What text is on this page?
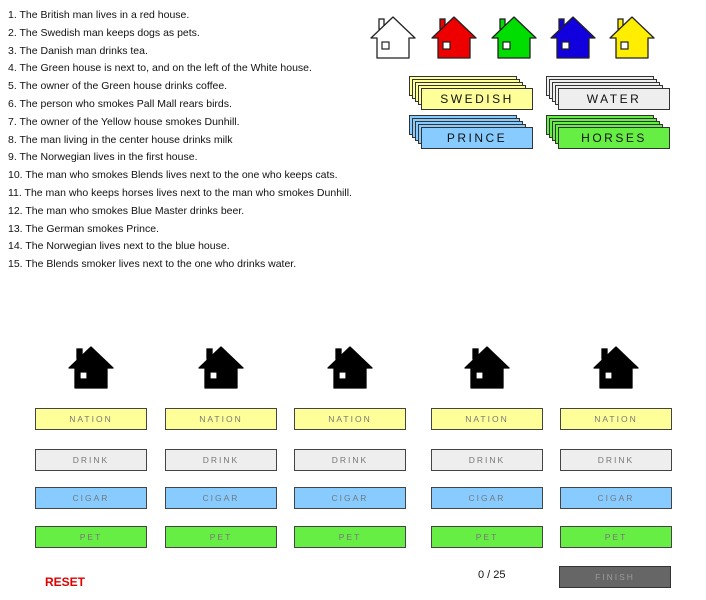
1. The British man lives in a red house.
2. The Swedish man keeps dogs as pets.
3. The Danish man drinks tea.
4. The Green house is next to, and on the left of the White house.
5. The owner of the Green house drinks coffee.
6. The person who smokes Pall Mall rears birds.
7. The owner of the Yellow house smokes Dunhill.
8. The man living in the center house drinks milk
9. The Norwegian lives in the first house.
10. The man who smokes Blends lives next to the one who keeps cats.
11. The man who keeps horses lives next to the man who smokes Dunhill.
12. The man who smokes Blue Master drinks beer.
13. The German smokes Prince.
14. The Norwegian lives next to the blue house.
15. The Blends smoker lives next to the one who drinks water.
SWEDISH	WATER
PRINCE	HORSES
NATION
DRINK
CIGAR
PET
NATION
DRINK
CIGAR
PET
NATION
DRINK
CIGAR
PET
NATION
DRINK
CIGAR
PET
NATION
DRINK
CIGAR
PET
RESET	0 / 25	FINISH
